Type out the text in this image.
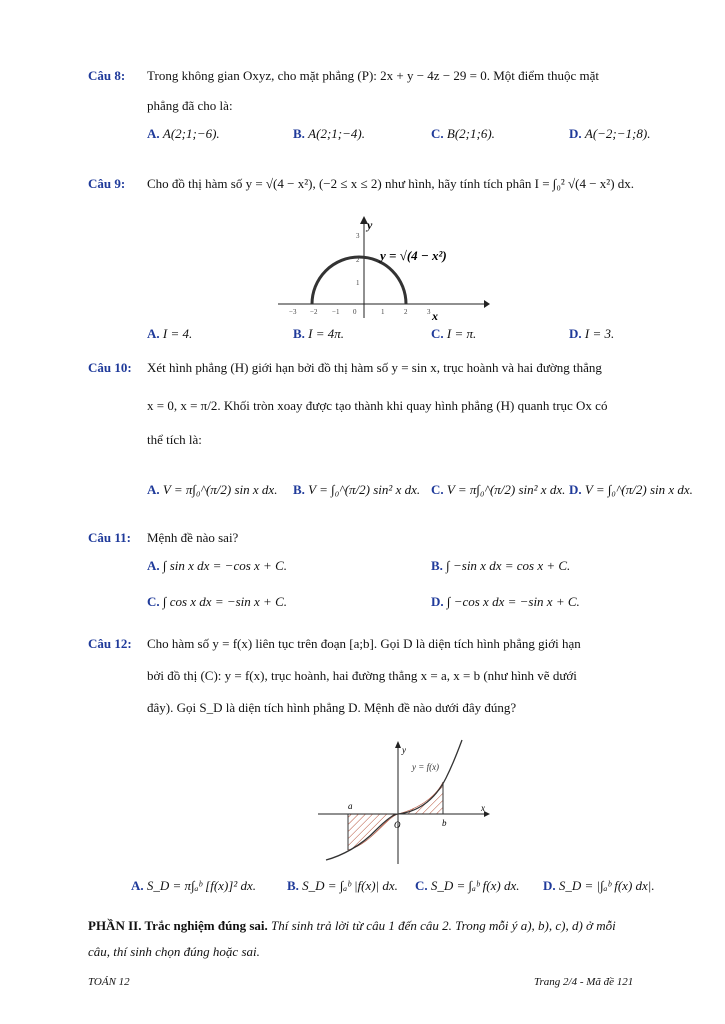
Câu 8: Trong không gian Oxyz, cho mặt phẳng (P): 2x + y − 4z − 29 = 0. Một điểm thuộc mặt
phẳng đã cho là:
A. A(2;1;−6).	B. A(2;1;−4).	C. B(2;1;6).	D. A(−2;−1;8).
Câu 9: Cho đồ thị hàm số y = √(4 − x²), (−2 ≤ x ≤ 2) như hình, hãy tính tích phân I = ∫₀² √(4 − x²) dx.
−3 −2 −1 0	1	2	3
1
2
3
y = √(4 − x²)
y
x
A. I = 4.	B. I = 4π.	C. I = π.	D. I = 3.
Câu 10: Xét hình phẳng (H) giới hạn bởi đồ thị hàm số y = sin x, trục hoành và hai đường thẳng
x = 0, x = π/2. Khối tròn xoay được tạo thành khi quay hình phẳng (H) quanh trục Ox có
thể tích là:
A. V = π∫₀^(π/2) sin x dx. B. V = ∫₀^(π/2) sin² x dx. C. V = π∫₀^(π/2) sin² x dx. D. V = ∫₀^(π/2) sin x dx.
Câu 11: Mệnh đề nào sai?
A. ∫ sin x dx = −cos x + C.	B. ∫ −sin x dx = cos x + C.
C. ∫ cos x dx = −sin x + C.	D. ∫ −cos x dx = −sin x + C.
Câu 12: Cho hàm số y = f(x) liên tục trên đoạn [a;b]. Gọi D là diện tích hình phẳng giới hạn
bởi đồ thị (C): y = f(x), trục hoành, hai đường thẳng x = a, x = b (như hình vẽ dưới
đây). Gọi S_D là diện tích hình phẳng D. Mệnh đề nào dưới đây đúng?
y = f(x)
y
x
O
a
b
A. S_D = π∫ₐᵇ [f(x)]² dx. B. S_D = ∫ₐᵇ |f(x)| dx. C. S_D = ∫ₐᵇ f(x) dx. D. S_D = |∫ₐᵇ f(x) dx|.
PHẦN II. Trắc nghiệm đúng sai. Thí sinh trả lời từ câu 1 đến câu 2. Trong mỗi ý a), b), c), d) ở mỗi
câu, thí sinh chọn đúng hoặc sai.
TOÁN 12	Trang 2/4 - Mã đề 121
